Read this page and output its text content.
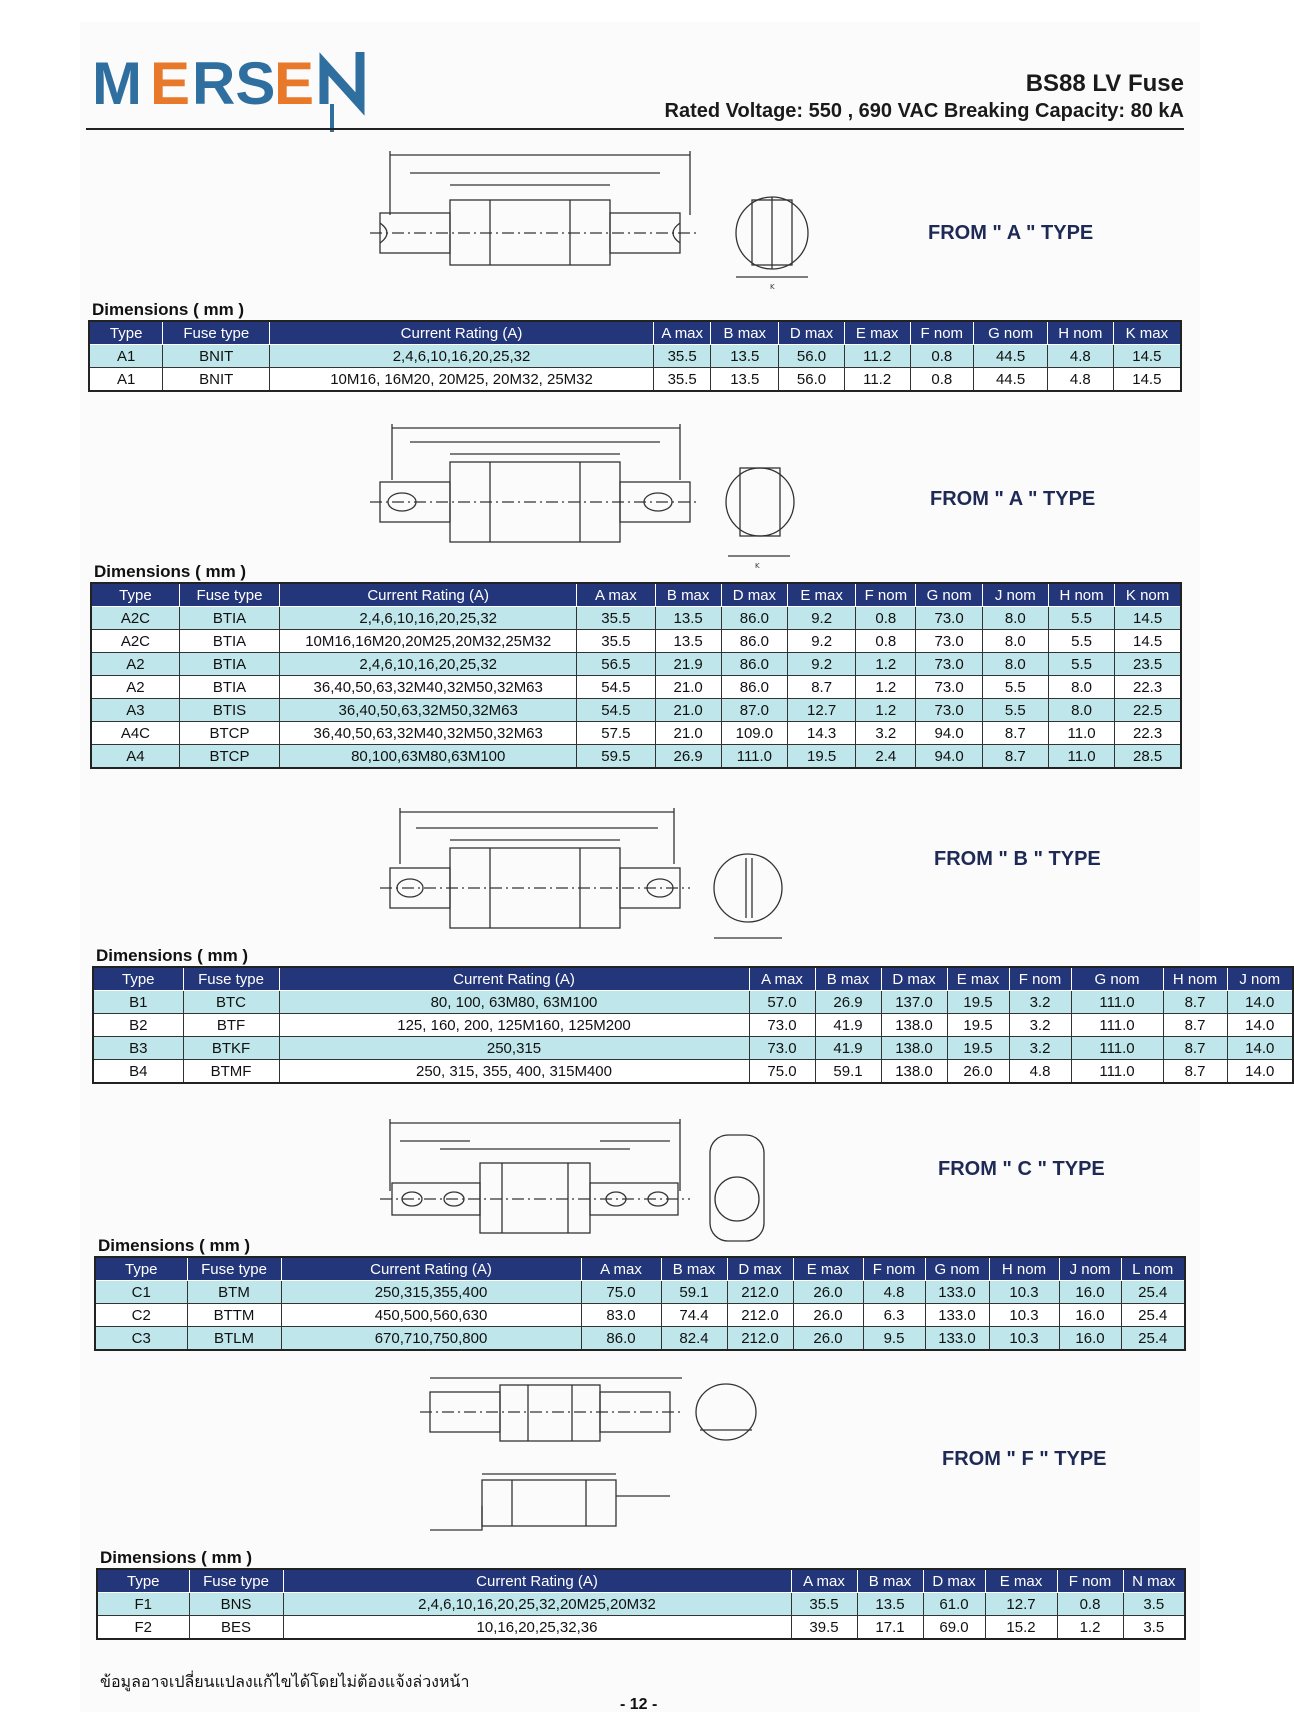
M E RS
E	BS88 LV Fuse
Rated Voltage: 550 , 690 VAC Breaking Capacity: 80 kA
K
FROM " A " TYPE
Dimensions ( mm )
Type	Fuse type	Current Rating (A)	A max	B max	D max	E max	F nom	G nom	H nom	K max
A1	BNIT	2,4,6,10,16,20,25,32	35.5	13.5	56.0	11.2	0.8	44.5	4.8	14.5
A1	BNIT	10M16, 16M20, 20M25, 20M32, 25M32	35.5	13.5	56.0	11.2	0.8	44.5	4.8	14.5
K
FROM " A " TYPE
Dimensions ( mm )
Type	Fuse type	Current Rating (A)	A max	B max	D max	E max	F nom	G nom	J nom	H nom	K nom
A2C	BTIA	2,4,6,10,16,20,25,32	35.5	13.5	86.0	9.2	0.8	73.0	8.0	5.5	14.5
A2C	BTIA	10M16,16M20,20M25,20M32,25M32	35.5	13.5	86.0	9.2	0.8	73.0	8.0	5.5	14.5
A2	BTIA	2,4,6,10,16,20,25,32	56.5	21.9	86.0	9.2	1.2	73.0	8.0	5.5	23.5
A2	BTIA	36,40,50,63,32M40,32M50,32M63	54.5	21.0	86.0	8.7	1.2	73.0	5.5	8.0	22.3
A3	BTIS	36,40,50,63,32M50,32M63	54.5	21.0	87.0	12.7	1.2	73.0	5.5	8.0	22.5
A4C	BTCP	36,40,50,63,32M40,32M50,32M63	57.5	21.0	109.0	14.3	3.2	94.0	8.7	11.0	22.3
A4	BTCP	80,100,63M80,63M100	59.5	26.9	111.0	19.5	2.4	94.0	8.7	11.0	28.5
FROM " B " TYPE
Dimensions ( mm )
Type	Fuse type	Current Rating (A)	A max	B max	D max	E max	F nom	G nom	H nom	J nom
B1	BTC	80, 100, 63M80, 63M100	57.0	26.9	137.0	19.5	3.2	111.0	8.7	14.0
B2	BTF	125, 160, 200, 125M160, 125M200	73.0	41.9	138.0	19.5	3.2	111.0	8.7	14.0
B3	BTKF	250,315	73.0	41.9	138.0	19.5	3.2	111.0	8.7	14.0
B4	BTMF	250, 315, 355, 400, 315M400	75.0	59.1	138.0	26.0	4.8	111.0	8.7	14.0
FROM " C " TYPE
Dimensions ( mm )
Type	Fuse type	Current Rating (A)	A max	B max	D max	E max	F nom	G nom	H nom	J nom	L nom
C1	BTM	250,315,355,400	75.0	59.1	212.0	26.0	4.8	133.0	10.3	16.0	25.4
C2	BTTM	450,500,560,630	83.0	74.4	212.0	26.0	6.3	133.0	10.3	16.0	25.4
C3	BTLM	670,710,750,800	86.0	82.4	212.0	26.0	9.5	133.0	10.3	16.0	25.4
FROM " F " TYPE
Dimensions ( mm )
Type	Fuse type	Current Rating (A)	A max	B max	D max	E max	F nom	N max
F1	BNS	2,4,6,10,16,20,25,32,20M25,20M32	35.5	13.5	61.0	12.7	0.8	3.5
F2	BES	10,16,20,25,32,36	39.5	17.1	69.0	15.2	1.2	3.5
ข้อมูลอาจเปลี่ยนแปลงแก้ไขได้โดยไม่ต้องแจ้งล่วงหน้า
- 12 -
